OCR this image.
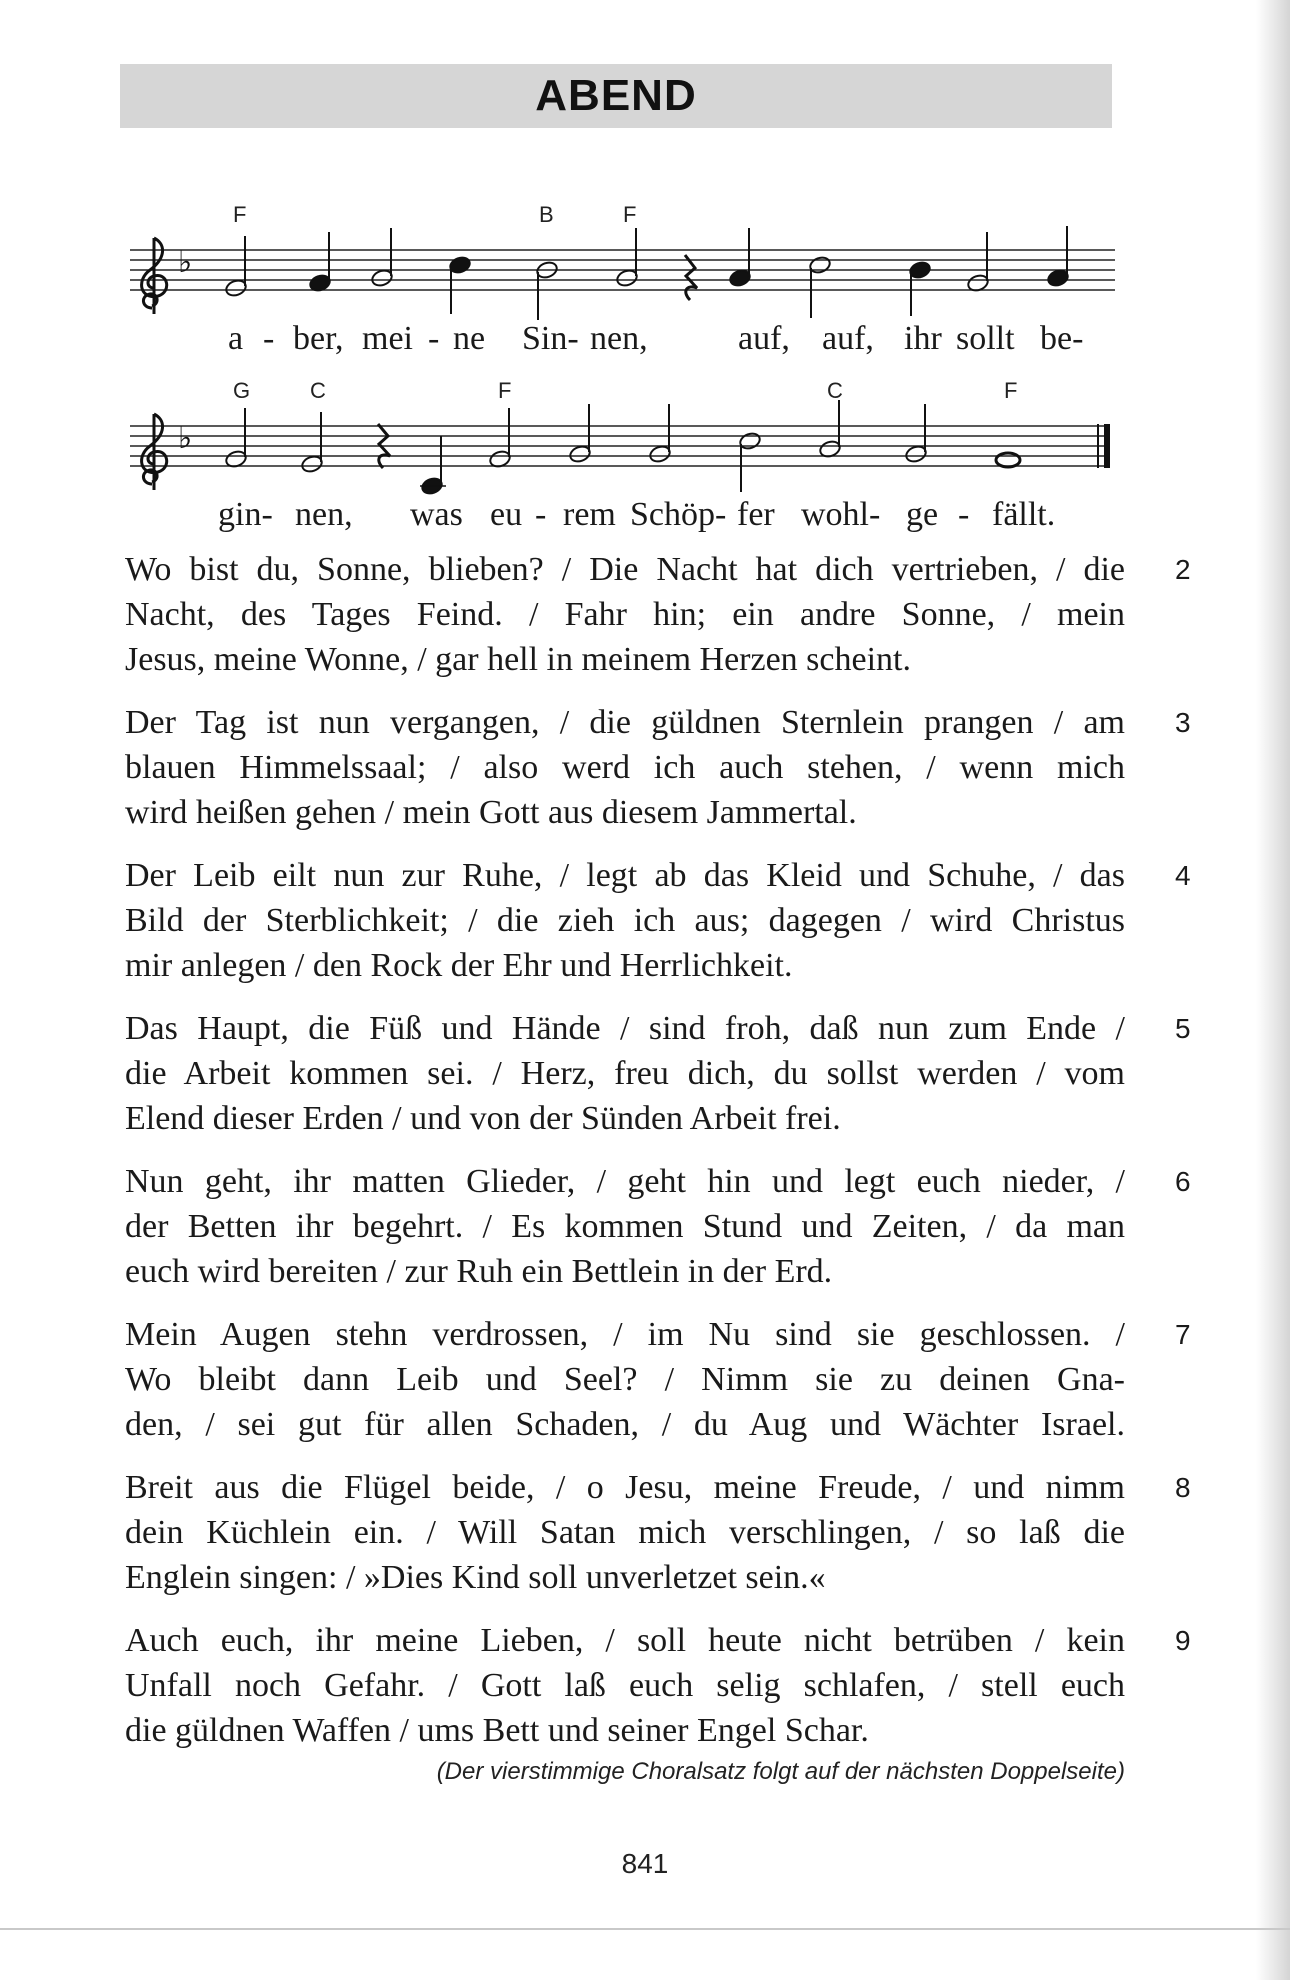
ABEND
F	B	F
♭
a - ber, mei - ne Sin- nen,	auf, auf, ihr sollt be-
G	C	F	C	F
♭
gin- nen, was eu - rem Schöp- fer wohl- ge - fällt.
Wo bist du, Sonne, blieben? / Die Nacht hat dich vertrieben, / die
Nacht, des Tages Feind. / Fahr hin; ein andre Sonne, / mein
Jesus, meine Wonne, / gar hell in meinem Herzen scheint.
2
Der Tag ist nun vergangen, / die güldnen Sternlein prangen / am
blauen Himmelssaal; / also werd ich auch stehen, / wenn mich
wird heißen gehen / mein Gott aus diesem Jammertal.
3
Der Leib eilt nun zur Ruhe, / legt ab das Kleid und Schuhe, / das
Bild der Sterblichkeit; / die zieh ich aus; dagegen / wird Christus
mir anlegen / den Rock der Ehr und Herrlichkeit.
4
Das Haupt, die Füß und Hände / sind froh, daß nun zum Ende /
die Arbeit kommen sei. / Herz, freu dich, du sollst werden / vom
Elend dieser Erden / und von der Sünden Arbeit frei.
5
Nun geht, ihr matten Glieder, / geht hin und legt euch nieder, /
der Betten ihr begehrt. / Es kommen Stund und Zeiten, / da man
euch wird bereiten / zur Ruh ein Bettlein in der Erd.
6
Mein Augen stehn verdrossen, / im Nu sind sie geschlossen. /
Wo bleibt dann Leib und Seel? / Nimm sie zu deinen Gna-
den, / sei gut für allen Schaden, / du Aug und Wächter Israel.
7
Breit aus die Flügel beide, / o Jesu, meine Freude, / und nimm
dein Küchlein ein. / Will Satan mich verschlingen, / so laß die
Englein singen: / »Dies Kind soll unverletzet sein.«
8
Auch euch, ihr meine Lieben, / soll heute nicht betrüben / kein
Unfall noch Gefahr. / Gott laß euch selig schlafen, / stell euch
die güldnen Waffen / ums Bett und seiner Engel Schar.
9
(Der vierstimmige Choralsatz folgt auf der nächsten Doppelseite)
841
